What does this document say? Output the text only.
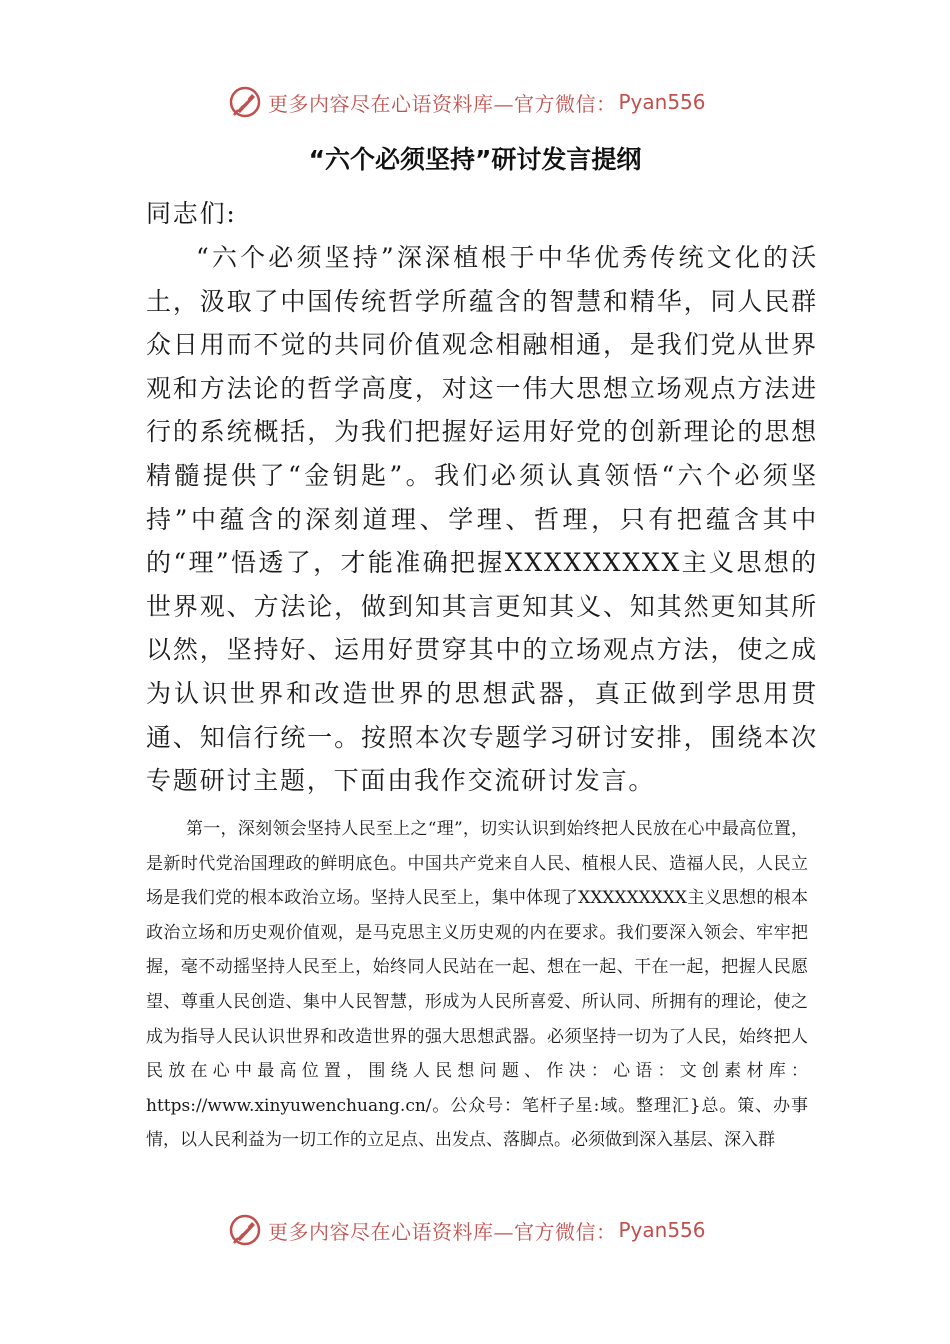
更多内容尽在心语资料库—官方微信： Pyan556
“六个必须坚持”研讨发言提纲
同志们:
“六个必须坚持”深深植根于中华优秀传统文化的沃土，汲取了中国传统哲学所蕴含的智慧和精华，同人民群众日用而不觉的共同价值观念相融相通，是我们党从世界观和方法论的哲学高度，对这一伟大思想立场观点方法进行的系统概括，为我们把握好运用好党的创新理论的思想精髓提供了“金钥匙”。我们必须认真领悟“六个必须坚持”中蕴含的深刻道理、学理、哲理，只有把蕴含其中的“理”悟透了，才能准确把握XXXXXXXXX主义思想的世界观、方法论，做到知其言更知其义、知其然更知其所以然，坚持好、运用好贯穿其中的立场观点方法，使之成为认识世界和改造世界的思想武器，真正做到学思用贯通、知信行统一。按照本次专题学习研讨安排，围绕本次专题研讨主题，下面由我作交流研讨发言。
第一，深刻领会坚持人民至上之“理”，切实认识到始终把人民放在心中最高位置，是新时代党治国理政的鲜明底色。中国共产党来自人民、植根人民、造福人民，人民立场是我们党的根本政治立场。坚持人民至上，集中体现了XXXXXXXXX主义思想的根本政治立场和历史观价值观，是马克思主义历史观的内在要求。我们要深入领会、牢牢把握，毫不动摇坚持人民至上，始终同人民站在一起、想在一起、干在一起，把握人民愿望、尊重人民创造、集中人民智慧，形成为人民所喜爱、所认同、所拥有的理论，使之成为指导人民认识世界和改造世界的强大思想武器。必须坚持一切为了人民，始终把人民放在心中最高位置，围绕人民想问题、作决：心语：文创素材库：https://www.xinyuwenchuang.cn/。公众号：笔杆子星:域。整理汇}总。策、办事情，以人民利益为一切工作的立足点、出发点、落脚点。必须做到深入基层、深入群
更多内容尽在心语资料库—官方微信： Pyan556
